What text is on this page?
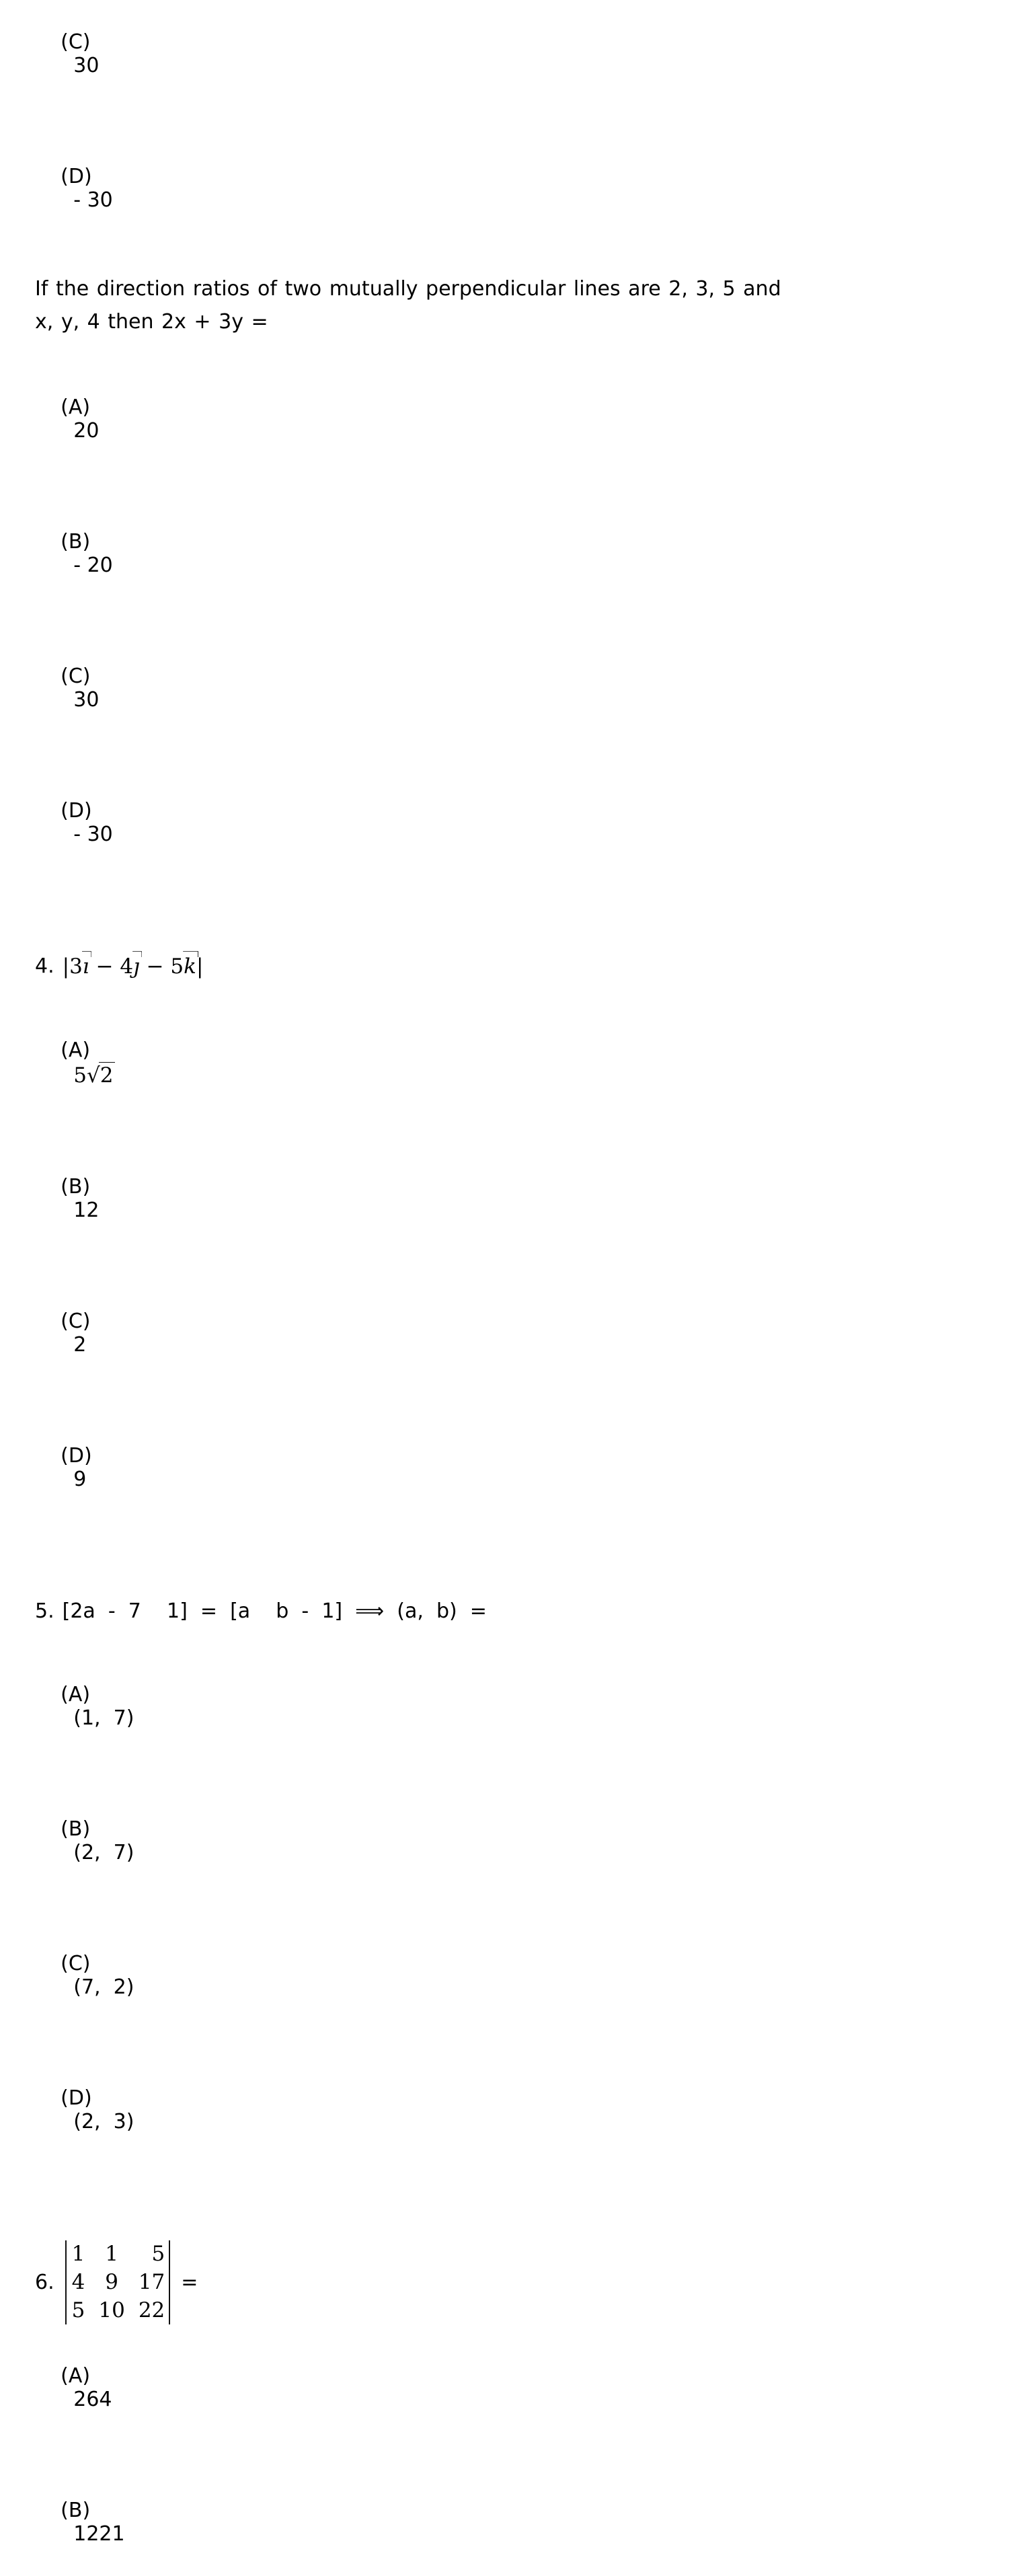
(C)
30

(D)
- 30

If the direction ratios of two mutually perpendicular lines are 2, 3, 5 and
x, y, 4 then 2x + 3y =

(A)
20

(B)
- 20

(C)
30

(D)
- 30

4. |3ı − 4ȷ − 5k|

(A)
5√2

(B)
12

(C)
2

(D)
9

5. [2a  -  7    1]  =  [a    b  -  1]  ⟹  (a,  b)  =

(A)
(1,  7)

(B)
(2,  7)

(C)
(7,  2)

(D)
(2,  3)

6.
1	1	5
4	9	17
5	10	22
=

(A)
264

(B)
1221
